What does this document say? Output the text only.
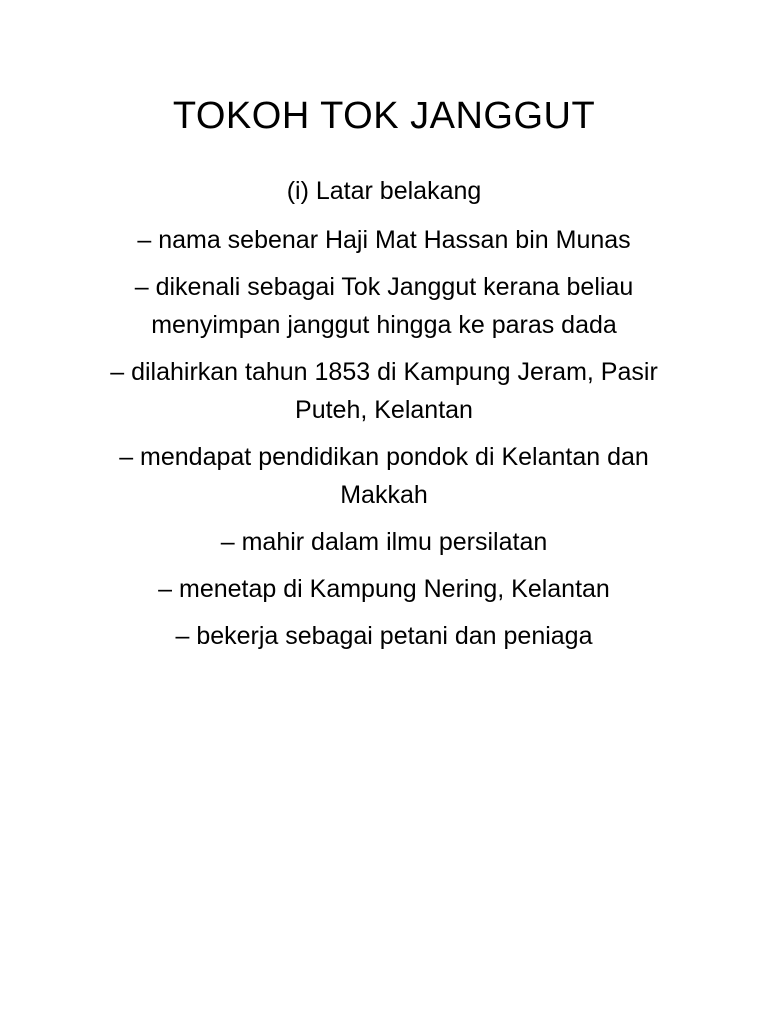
TOKOH TOK JANGGUT

(i) Latar belakang

– nama sebenar Haji Mat Hassan bin Munas

– dikenali sebagai Tok Janggut kerana beliau menyimpan janggut hingga ke paras dada

– dilahirkan tahun 1853 di Kampung Jeram, Pasir Puteh, Kelantan

– mendapat pendidikan pondok di Kelantan dan Makkah

– mahir dalam ilmu persilatan

– menetap di Kampung Nering, Kelantan

– bekerja sebagai petani dan peniaga
